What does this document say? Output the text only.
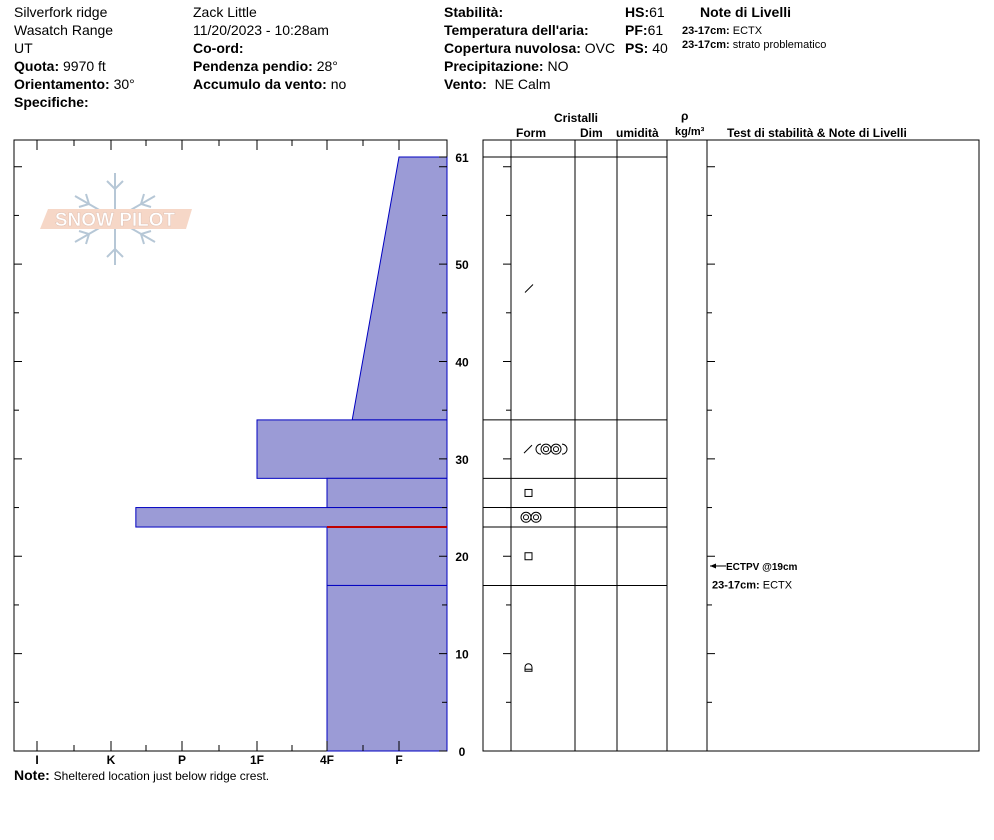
Silverfork ridge
Wasatch Range
UT
Quota: 9970 ft
Orientamento: 30°
Specifiche:
Zack Little
11/20/2023 - 10:28am
Co-ord:
Pendenza pendio: 28°
Accumulo da vento: no
Stabilità:
Temperatura dell'aria:
Copertura nuvolosa: OVC
Precipitazione: NO
Vento: NE Calm
HS:61
PF:61
PS: 40
Note di Livelli
23-17cm: ECTX
23-17cm: strato problematico
Cristalli
Form	Dim umidità
ρ
kg/m³ Test di stabilità & Note di Livelli
SNOW PILOT
I	K	P	1F	4F	F
0
10
20
30
40
50
61
ECTPV @19cm
23-17cm: ECTX
Note: Sheltered location just below ridge crest.
